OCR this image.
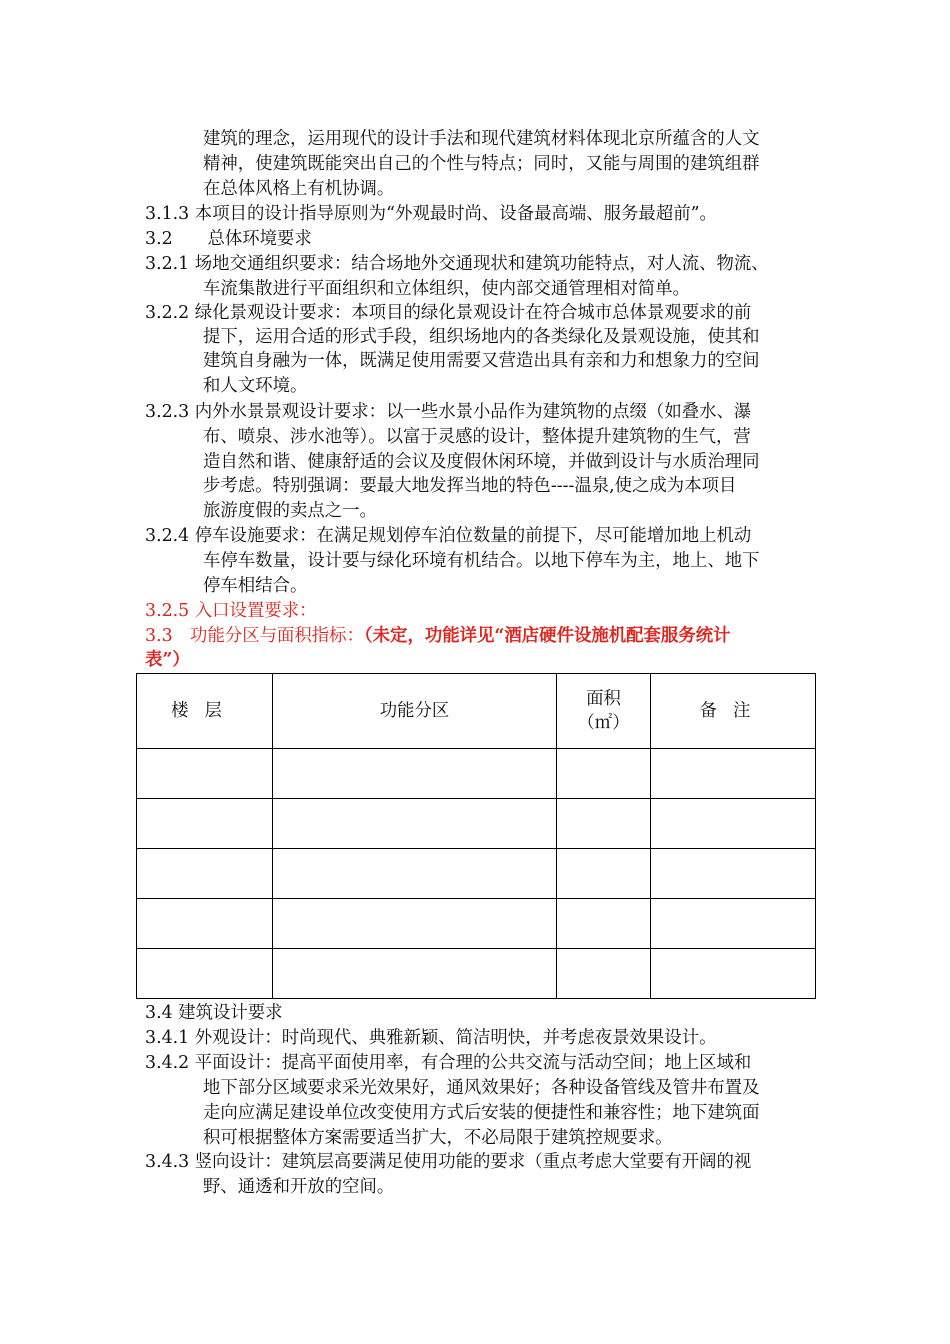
建筑的理念，运用现代的设计手法和现代建筑材料体现北京所蕴含的人文
精神，使建筑既能突出自己的个性与特点；同时，又能与周围的建筑组群
在总体风格上有机协调。
3.1.3 本项目的设计指导原则为“外观最时尚、设备最高端、服务最超前”。
3.2　　总体环境要求
3.2.1 场地交通组织要求：结合场地外交通现状和建筑功能特点，对人流、物流、
车流集散进行平面组织和立体组织，使内部交通管理相对简单。
3.2.2 绿化景观设计要求：本项目的绿化景观设计在符合城市总体景观要求的前
提下，运用合适的形式手段，组织场地内的各类绿化及景观设施，使其和
建筑自身融为一体，既满足使用需要又营造出具有亲和力和想象力的空间
和人文环境。
3.2.3 内外水景景观设计要求：以一些水景小品作为建筑物的点缀（如叠水、瀑
布、喷泉、涉水池等）。以富于灵感的设计，整体提升建筑物的生气，营
造自然和谐、健康舒适的会议及度假休闲环境，并做到设计与水质治理同
步考虑。特别强调：要最大地发挥当地的特色----温泉,使之成为本项目
旅游度假的卖点之一。
3.2.4 停车设施要求：在满足规划停车泊位数量的前提下，尽可能增加地上机动
车停车数量，设计要与绿化环境有机结合。以地下停车为主，地上、地下
停车相结合。
3.2.5 入口设置要求：
3.3　功能分区与面积指标：（未定，功能详见“酒店硬件设施机配套服务统计
表”）
楼层	功能分区	面积
（㎡）	备注

3.4 建筑设计要求
3.4.1 外观设计：时尚现代、典雅新颖、简洁明快，并考虑夜景效果设计。
3.4.2 平面设计：提高平面使用率，有合理的公共交流与活动空间；地上区域和
地下部分区域要求采光效果好，通风效果好；各种设备管线及管井布置及
走向应满足建设单位改变使用方式后安装的便捷性和兼容性；地下建筑面
积可根据整体方案需要适当扩大，不必局限于建筑控规要求。
3.4.3 竖向设计：建筑层高要满足使用功能的要求（重点考虑大堂要有开阔的视
野、通透和开放的空间。
